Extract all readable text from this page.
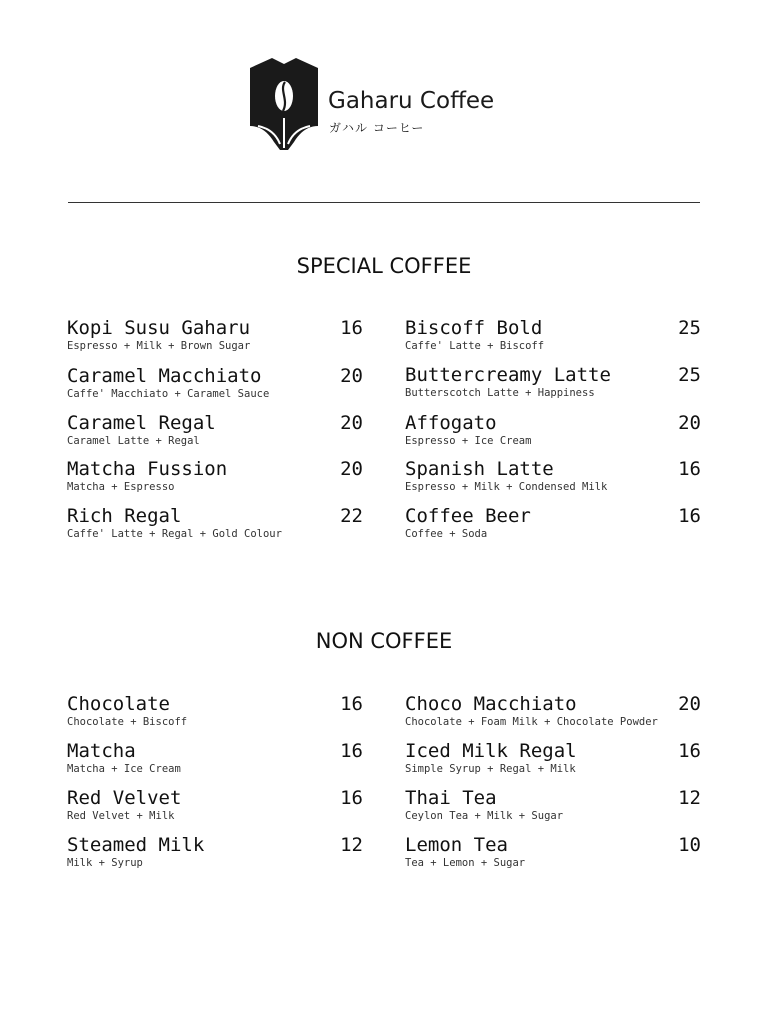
Gaharu Coffee
ガハル コーヒー
SPECIAL COFFEE
Kopi Susu Gaharu	16
Espresso + Milk + Brown Sugar
Caramel Macchiato	20
Caffe' Macchiato + Caramel Sauce
Caramel Regal	20
Caramel Latte + Regal
Matcha Fussion	20
Matcha + Espresso
Rich Regal	22
Caffe' Latte + Regal + Gold Colour
Biscoff Bold	25
Caffe' Latte + Biscoff
Buttercreamy Latte	25
Butterscotch Latte + Happiness
Affogato	20
Espresso + Ice Cream
Spanish Latte	16
Espresso + Milk + Condensed Milk
Coffee Beer	16
Coffee + Soda
NON COFFEE
Chocolate	16
Chocolate + Biscoff
Matcha	16
Matcha + Ice Cream
Red Velvet	16
Red Velvet + Milk
Steamed Milk	12
Milk + Syrup
Choco Macchiato	20
Chocolate + Foam Milk + Chocolate Powder
Iced Milk Regal	16
Simple Syrup + Regal + Milk
Thai Tea	12
Ceylon Tea + Milk + Sugar
Lemon Tea	10
Tea + Lemon + Sugar
